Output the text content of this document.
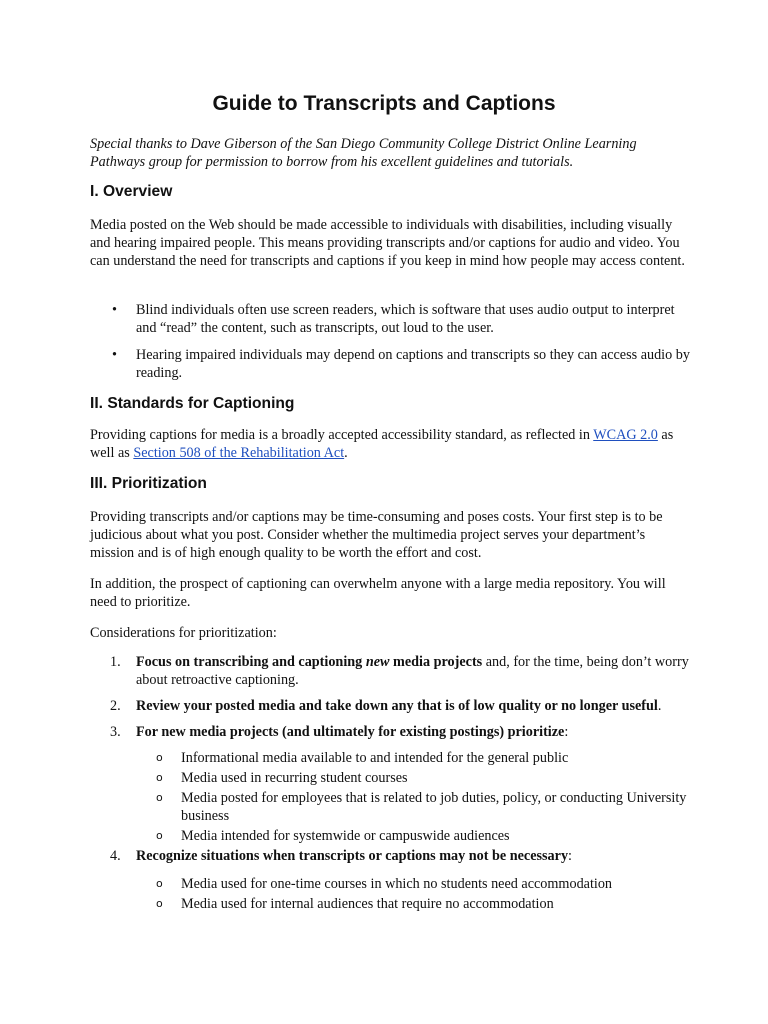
Guide to Transcripts and Captions

Special thanks to Dave Giberson of the San Diego Community College District Online Learning Pathways group for permission to borrow from his excellent guidelines and tutorials.

I. Overview

Media posted on the Web should be made accessible to individuals with disabilities, including visually and hearing impaired people. This means providing transcripts and/or captions for audio and video. You can understand the need for transcripts and captions if you keep in mind how people may access content.

• Blind individuals often use screen readers, which is software that uses audio output to interpret and “read” the content, such as transcripts, out loud to the user.
• Hearing impaired individuals may depend on captions and transcripts so they can access audio by reading.
II. Standards for Captioning

Providing captions for media is a broadly accepted accessibility standard, as reflected in WCAG 2.0 as well as Section 508 of the Rehabilitation Act.

III. Prioritization

Providing transcripts and/or captions may be time-consuming and poses costs. Your first step is to be judicious about what you post. Consider whether the multimedia project serves your department’s mission and is of high enough quality to be worth the effort and cost.

In addition, the prospect of captioning can overwhelm anyone with a large media repository. You will need to prioritize.

Considerations for prioritization:

1. Focus on transcribing and captioning new media projects and, for the time, being don’t worry about retroactive captioning.
2. Review your posted media and take down any that is of low quality or no longer useful.
3. For new media projects (and ultimately for existing postings) prioritize:
o Informational media available to and intended for the general public
o Media used in recurring student courses
o Media posted for employees that is related to job duties, policy, or conducting University business
o Media intended for systemwide or campuswide audiences
4. Recognize situations when transcripts or captions may not be necessary:
o Media used for one-time courses in which no students need accommodation
o Media used for internal audiences that require no accommodation
